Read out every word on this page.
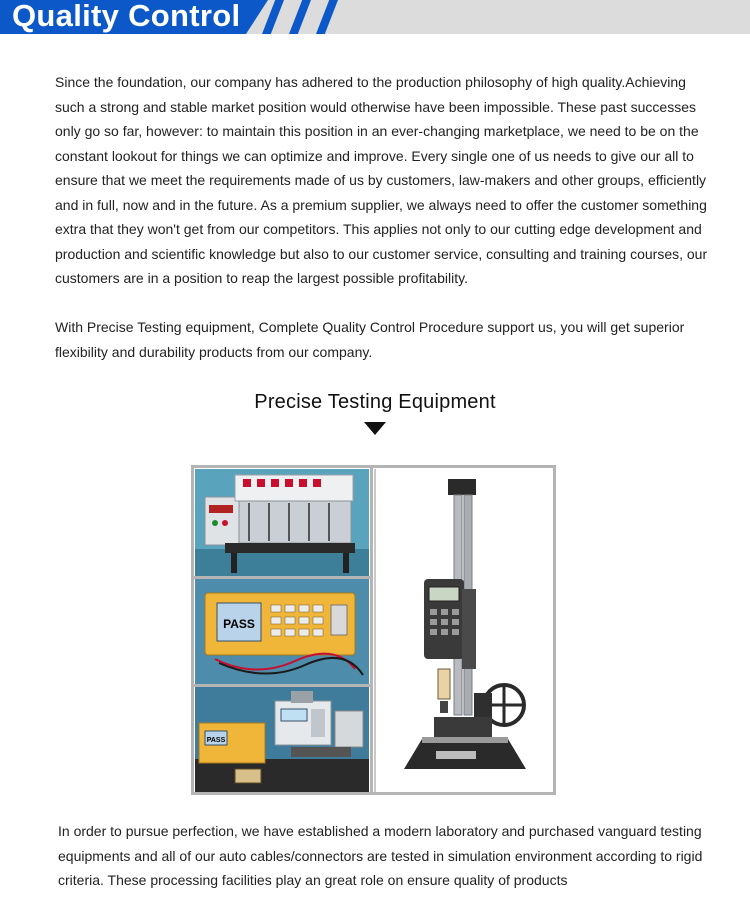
Quality Control

Since the foundation, our company has adhered to the production philosophy of high quality.Achieving such a strong and stable market position would otherwise have been impossible. These past successes only go so far, however: to maintain this position in an ever-changing marketplace, we need to be on the constant lookout for things we can optimize and improve. Every single one of us needs to give our all to ensure that we meet the requirements made of us by customers, law-makers and other groups, efficiently and in full, now and in the future. As a premium supplier, we always need to offer the customer something extra that they won't get from our competitors. This applies not only to our cutting edge development and production and scientific knowledge but also to our customer service, consulting and training courses, our customers are in a position to reap the largest possible profitability.

With Precise Testing equipment, Complete Quality Control Procedure support us, you will get superior flexibility and durability products from our company.

Precise Testing Equipment
PASS
PASS

In order to pursue perfection, we have established a modern laboratory and purchased vanguard testing equipments and all of our auto cables/connectors are tested in simulation environment according to rigid criteria. These processing facilities play an great role on ensure quality of products
